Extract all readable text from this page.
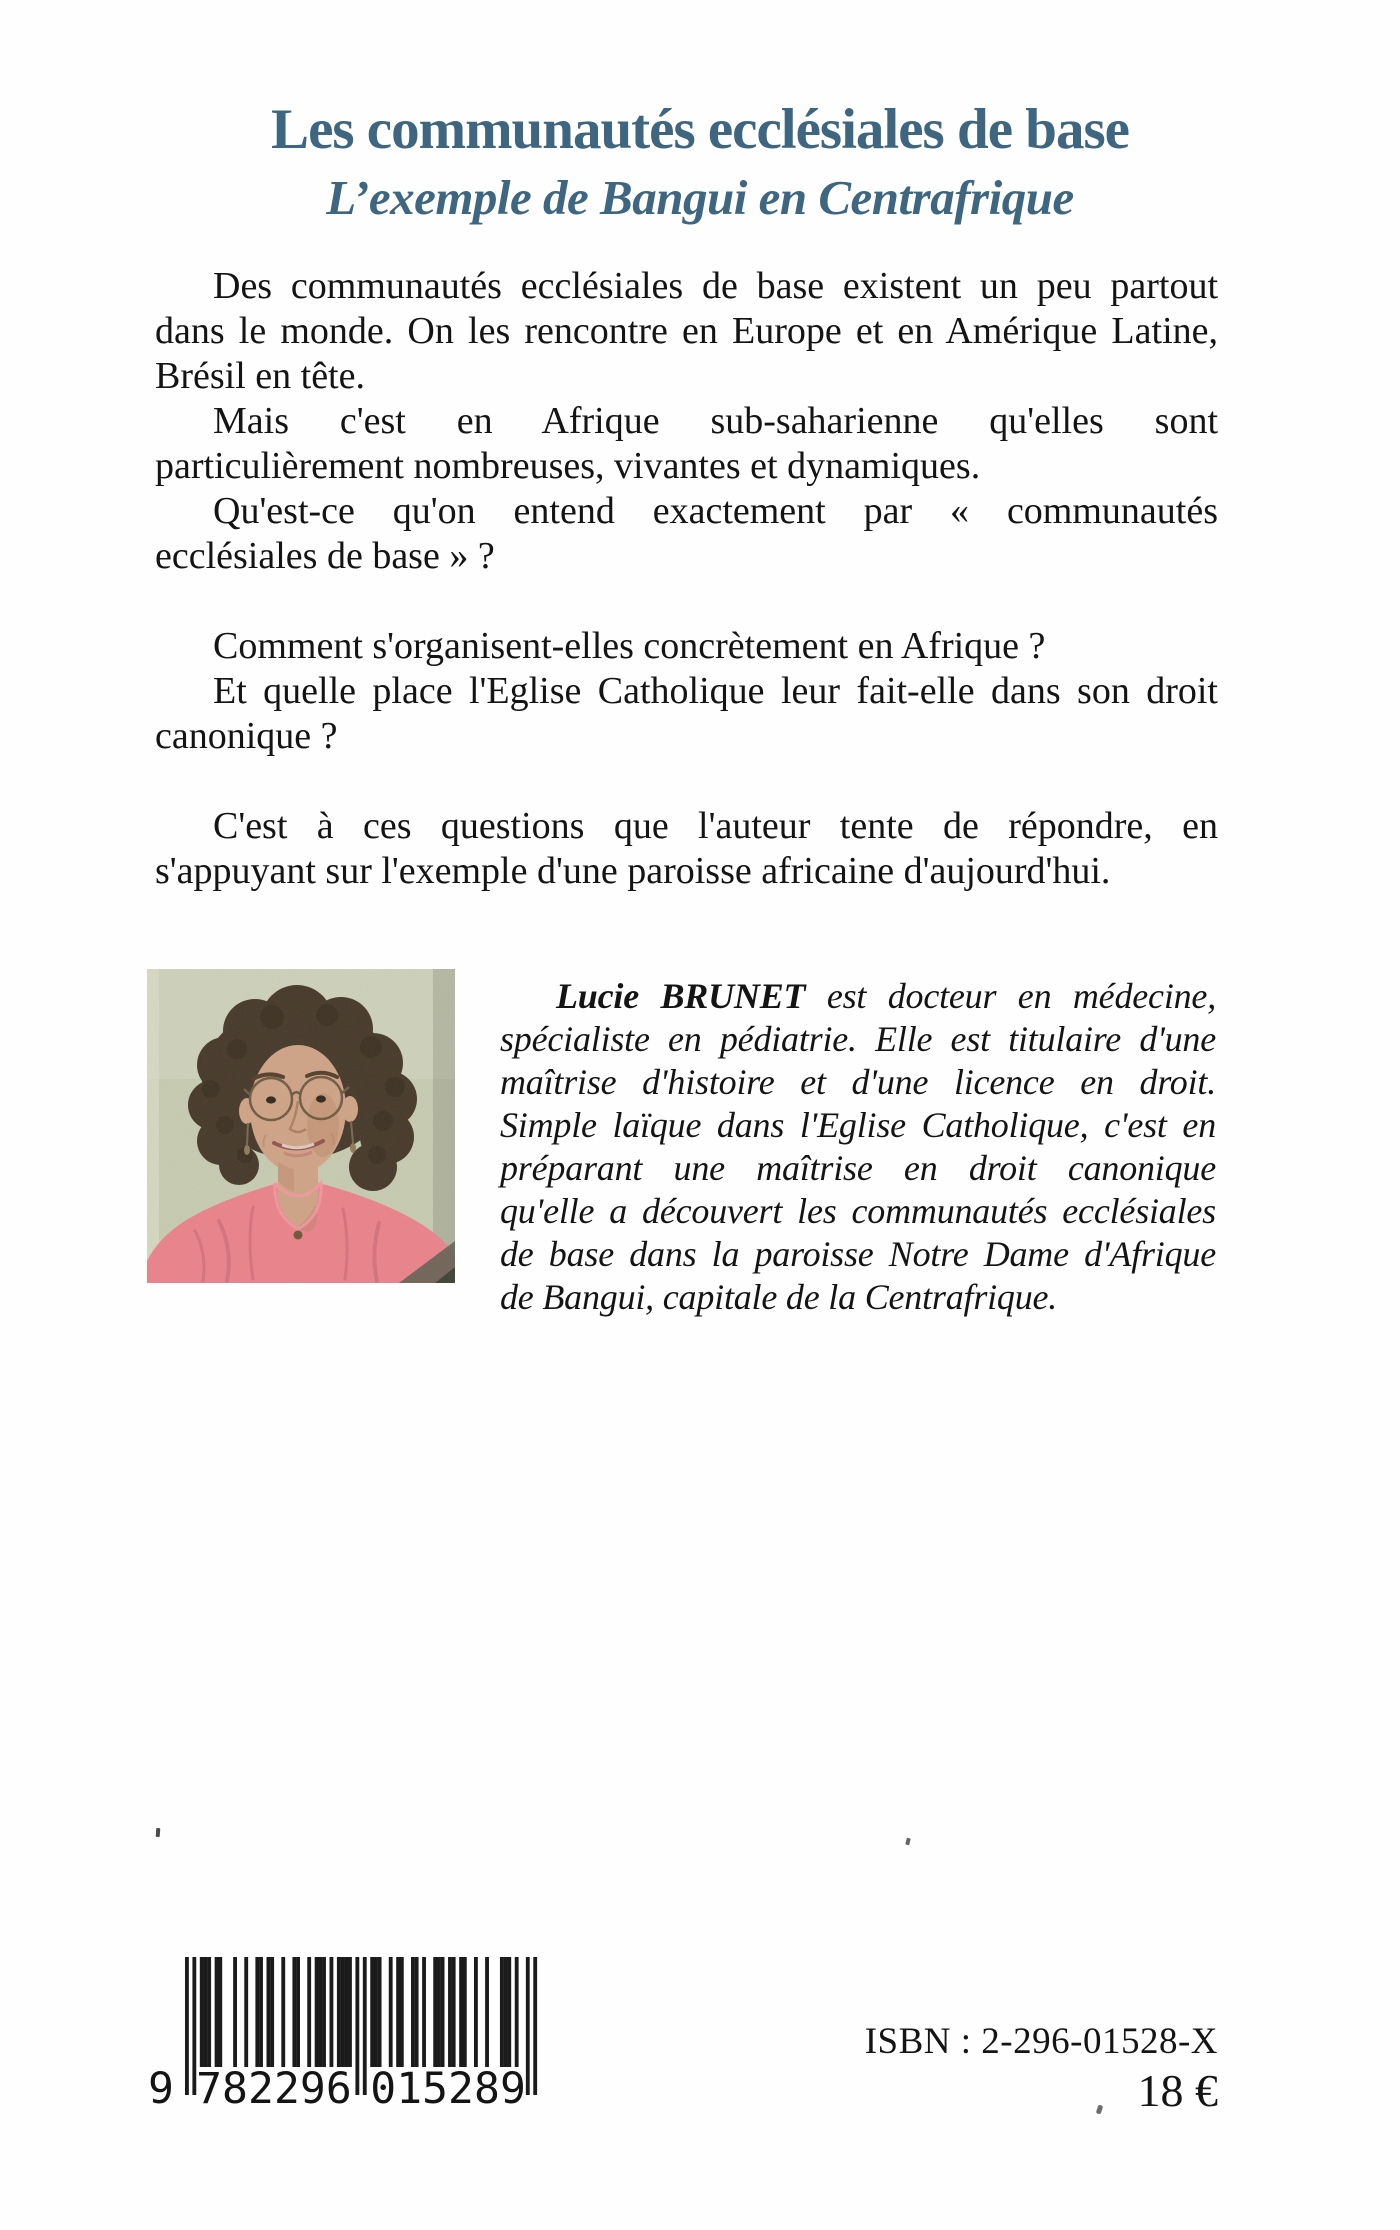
Les communautés ecclésiales de base
L’exemple de Bangui en Centrafrique
Des communautés ecclésiales de base existent un peu partout
dans le monde. On les rencontre en Europe et en Amérique Latine,
Brésil en tête.
Mais c'est en Afrique sub-saharienne qu'elles sont
particulièrement nombreuses, vivantes et dynamiques.
Qu'est-ce qu'on entend exactement par « communautés
ecclésiales de base » ?
Comment s'organisent-elles concrètement en Afrique ?
Et quelle place l'Eglise Catholique leur fait-elle dans son droit
canonique ?
C'est à ces questions que l'auteur tente de répondre, en
s'appuyant sur l'exemple d'une paroisse africaine d'aujourd'hui.
Lucie BRUNET est docteur en médecine,
spécialiste en pédiatrie. Elle est titulaire d'une
maîtrise d'histoire et d'une licence en droit.
Simple laïque dans l'Eglise Catholique, c'est en
préparant une maîtrise en droit canonique
qu'elle a découvert les communautés ecclésiales
de base dans la paroisse Notre Dame d'Afrique
de Bangui, capitale de la Centrafrique.
9 7 8 2 2 9 6 0 1 5 2 8 9
ISBN : 2-296-01528-X
18 €
